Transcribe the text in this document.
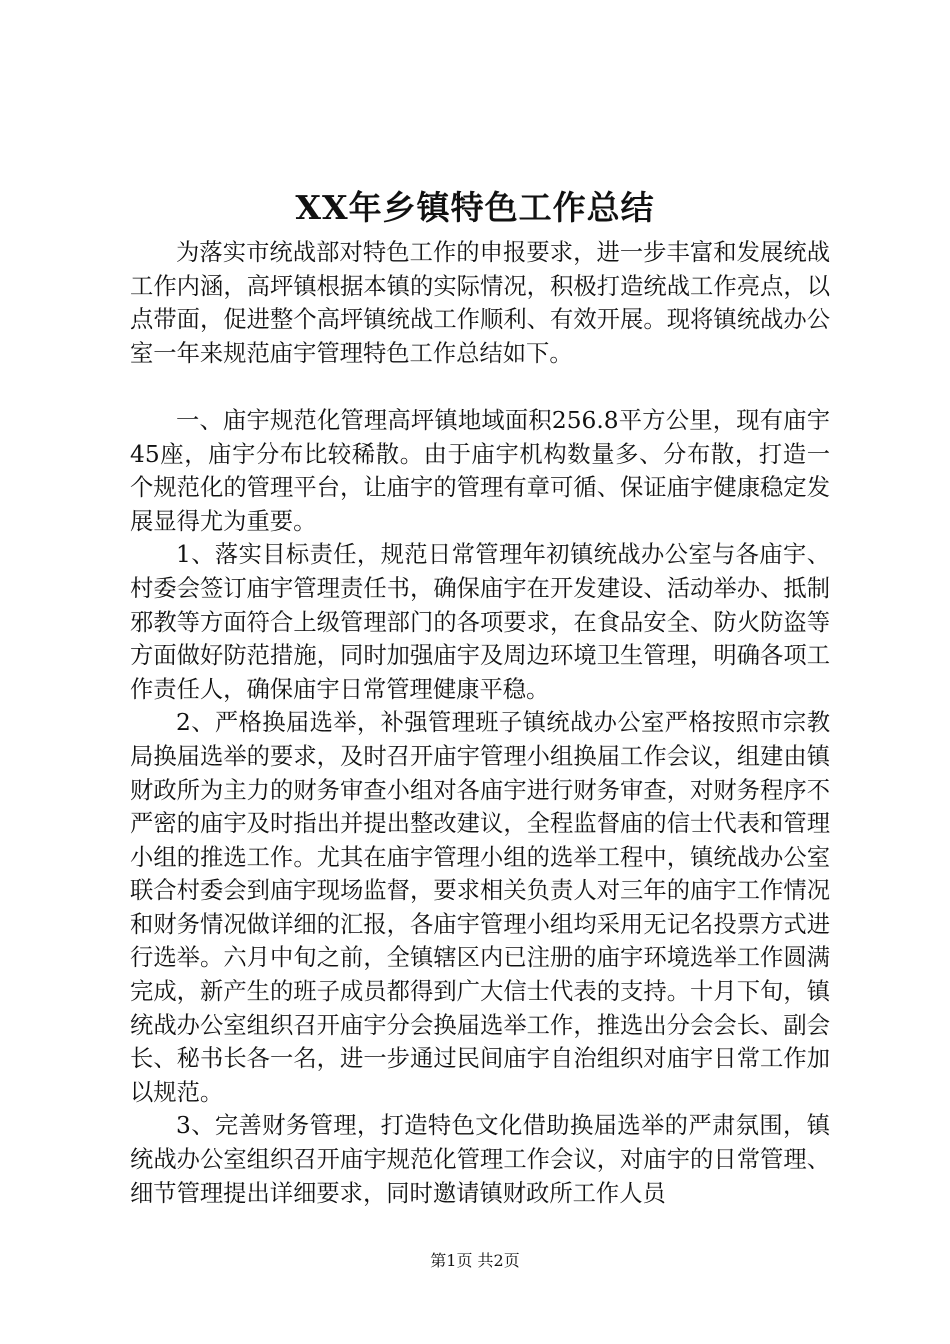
XX年乡镇特色工作总结

为落实市统战部对特色工作的申报要求，进一步丰富和发展统战工作内涵，高坪镇根据本镇的实际情况，积极打造统战工作亮点，以点带面，促进整个高坪镇统战工作顺利、有效开展。现将镇统战办公室一年来规范庙宇管理特色工作总结如下。

一、庙宇规范化管理高坪镇地域面积256.8平方公里，现有庙宇45座，庙宇分布比较稀散。由于庙宇机构数量多、分布散，打造一个规范化的管理平台，让庙宇的管理有章可循、保证庙宇健康稳定发展显得尤为重要。

1、落实目标责任，规范日常管理年初镇统战办公室与各庙宇、村委会签订庙宇管理责任书，确保庙宇在开发建设、活动举办、抵制邪教等方面符合上级管理部门的各项要求，在食品安全、防火防盗等方面做好防范措施，同时加强庙宇及周边环境卫生管理，明确各项工作责任人，确保庙宇日常管理健康平稳。

2、严格换届选举，补强管理班子镇统战办公室严格按照市宗教局换届选举的要求，及时召开庙宇管理小组换届工作会议，组建由镇财政所为主力的财务审查小组对各庙宇进行财务审查，对财务程序不严密的庙宇及时指出并提出整改建议，全程监督庙的信士代表和管理小组的推选工作。尤其在庙宇管理小组的选举工程中，镇统战办公室联合村委会到庙宇现场监督，要求相关负责人对三年的庙宇工作情况和财务情况做详细的汇报，各庙宇管理小组均采用无记名投票方式进行选举。六月中旬之前，全镇辖区内已注册的庙宇环境选举工作圆满完成，新产生的班子成员都得到广大信士代表的支持。十月下旬，镇统战办公室组织召开庙宇分会换届选举工作，推选出分会会长、副会长、秘书长各一名，进一步通过民间庙宇自治组织对庙宇日常工作加以规范。

3、完善财务管理，打造特色文化借助换届选举的严肃氛围，镇统战办公室组织召开庙宇规范化管理工作会议，对庙宇的日常管理、细节管理提出详细要求，同时邀请镇财政所工作人员

第1页 共2页
